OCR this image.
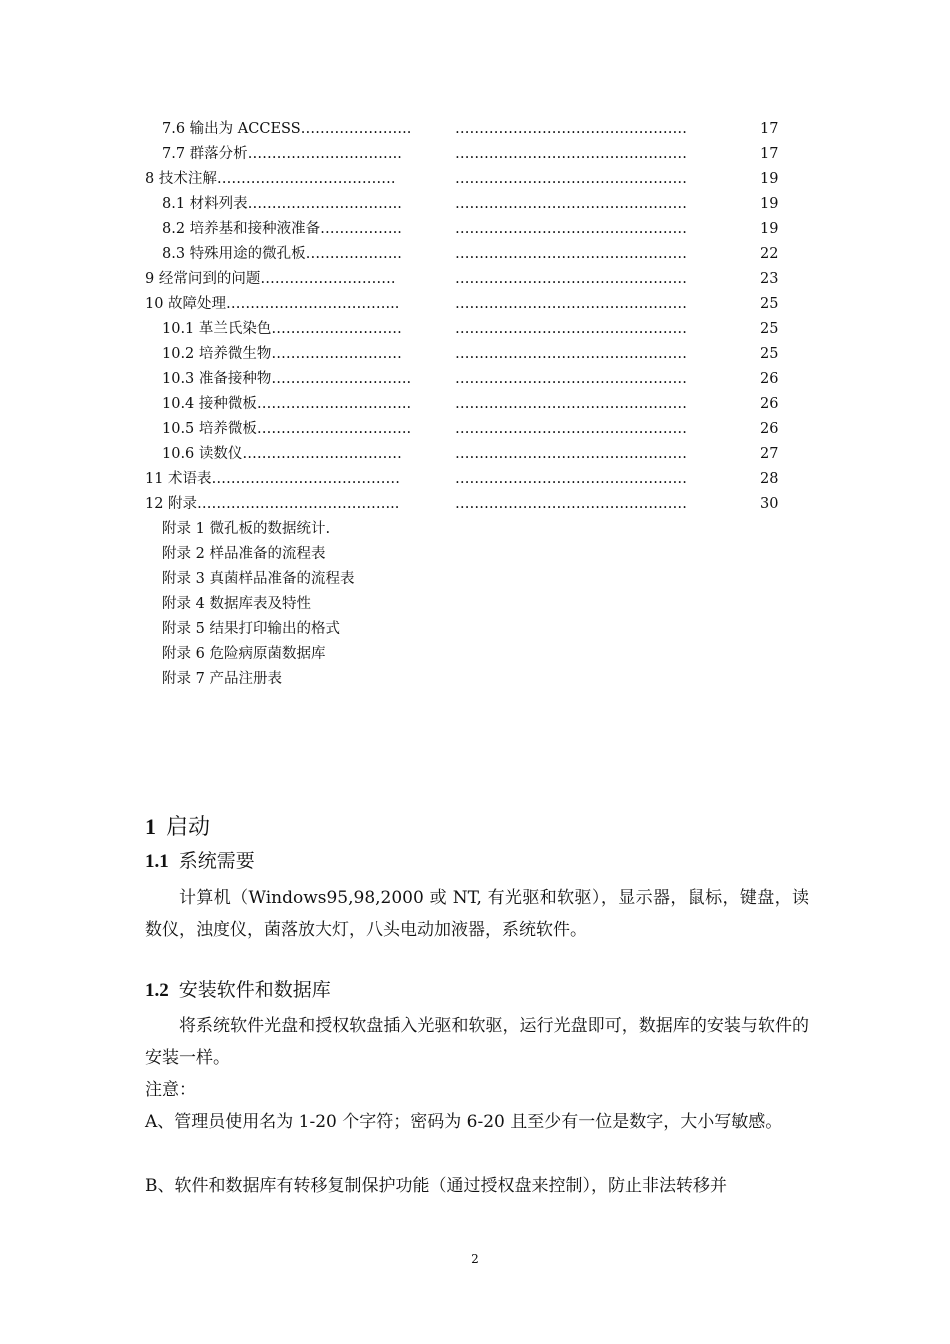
7.6 输出为 ACCESS…………………..	…………………………………………	17
7.7 群落分析…………………………..	…………………………………………	17
8 技术注解……………………………….	…………………………………………	19
8.1 材料列表…………………………..	…………………………………………	19
8.2 培养基和接种液准备……………..	…………………………………………	19
8.3 特殊用途的微孔板………………..	…………………………………………	22
9 经常问到的问题……………………….	…………………………………………	23
10 故障处理……………………………...	…………………………………………	25
10.1 革兰氏染色………………………	…………………………………………	25
10.2 培养微生物………………………	…………………………………………	25
10.3 准备接种物………………………..	…………………………………………	26
10.4 接种微板…………………………..	…………………………………………	26
10.5 培养微板…………………………..	…………………………………………	26
10.6 读数仪……………………………	…………………………………………	27
11 术语表…………………………………	…………………………………………	28
12 附录…………………………………...	…………………………………………	30
附录 1 微孔板的数据统计.
附录 2 样品准备的流程表
附录 3 真菌样品准备的流程表
附录 4 数据库表及特性
附录 5 结果打印输出的格式
附录 6 危险病原菌数据库
附录 7 产品注册表
1 启动
1.1 系统需要
计算机（Windows95,98,2000 或 NT, 有光驱和软驱），显示器，鼠标，键盘，读数仪，浊度仪，菌落放大灯，八头电动加液器，系统软件。
1.2 安装软件和数据库
将系统软件光盘和授权软盘插入光驱和软驱，运行光盘即可，数据库的安装与软件的安装一样。
注意：
A、管理员使用名为 1-20 个字符；密码为 6-20 且至少有一位是数字，大小写敏感。
B、软件和数据库有转移复制保护功能（通过授权盘来控制），防止非法转移并
2
